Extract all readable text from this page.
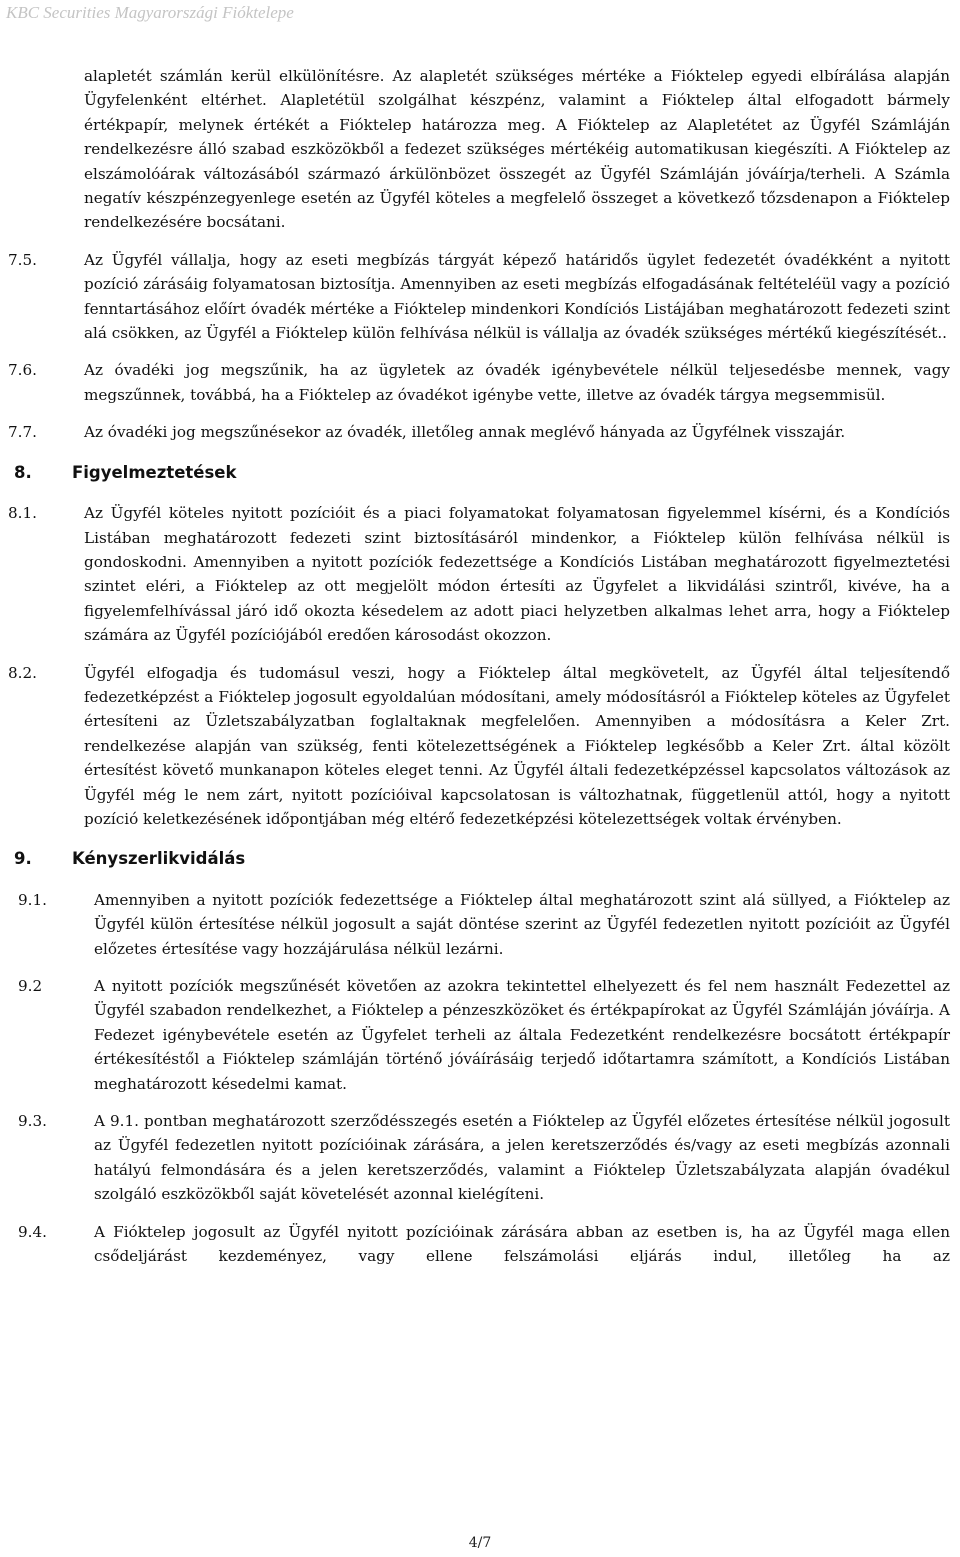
KBC Securities Magyarországi Fióktelepe

alapletét számlán kerül elkülönítésre. Az alapletét szükséges mértéke a Fióktelep egyedi elbírálása alapján Ügyfelenként eltérhet. Alapletétül szolgálhat készpénz, valamint a Fióktelep által elfogadott bármely értékpapír, melynek értékét a Fióktelep határozza meg. A Fióktelep az Alapletétet az Ügyfél Számláján rendelkezésre álló szabad eszközökből a fedezet szükséges mértékéig automatikusan kiegészíti. A Fióktelep az elszámolóárak változásából származó árkülönbözet összegét az Ügyfél Számláján jóváírja/terheli. A Számla negatív készpénzegyenlege esetén az Ügyfél köteles a megfelelő összeget a következő tőzsdenapon a Fióktelep rendelkezésére bocsátani.

7.5.	Az Ügyfél vállalja, hogy az eseti megbízás tárgyát képező határidős ügylet fedezetét óvadékként a nyitott pozíció zárásáig folyamatosan biztosítja. Amennyiben az eseti megbízás elfogadásának feltételéül vagy a pozíció fenntartásához előírt óvadék mértéke a Fióktelep mindenkori Kondíciós Listájában meghatározott fedezeti szint alá csökken, az Ügyfél a Fióktelep külön felhívása nélkül is vállalja az óvadék szükséges mértékű kiegészítését..

7.6.	Az óvadéki jog megszűnik, ha az ügyletek az óvadék igénybevétele nélkül teljesedésbe mennek, vagy megszűnnek, továbbá, ha a Fióktelep az óvadékot igénybe vette, illetve az óvadék tárgya megsemmisül.

7.7.	Az óvadéki jog megszűnésekor az óvadék, illetőleg annak meglévő hányada az Ügyfélnek visszajár.

8. Figyelmeztetések
8.1.	Az Ügyfél köteles nyitott pozícióit és a piaci folyamatokat folyamatosan figyelemmel kísérni, és a Kondíciós Listában meghatározott fedezeti szint biztosításáról mindenkor, a Fióktelep külön felhívása nélkül is gondoskodni. Amennyiben a nyitott pozíciók fedezettsége a Kondíciós Listában meghatározott figyelmeztetési szintet eléri, a Fióktelep az ott megjelölt módon értesíti az Ügyfelet a likvidálási szintről, kivéve, ha a figyelemfelhívással járó idő okozta késedelem az adott piaci helyzetben alkalmas lehet arra, hogy a Fióktelep számára az Ügyfél pozíciójából eredően károsodást okozzon.

8.2.	Ügyfél elfogadja és tudomásul veszi, hogy a Fióktelep által megkövetelt, az Ügyfél által teljesítendő fedezetképzést a Fióktelep jogosult egyoldalúan módosítani, amely módosításról a Fióktelep köteles az Ügyfelet értesíteni az Üzletszabályzatban foglaltaknak megfelelően. Amennyiben a módosításra a Keler Zrt. rendelkezése alapján van szükség, fenti kötelezettségének a Fióktelep legkésőbb a Keler Zrt. által közölt értesítést követő munkanapon köteles eleget tenni. Az Ügyfél általi fedezetképzéssel kapcsolatos változások az Ügyfél még le nem zárt, nyitott pozícióival kapcsolatosan is változhatnak, függetlenül attól, hogy a nyitott pozíció keletkezésének időpontjában még eltérő fedezetképzési kötelezettségek voltak érvényben.

9. Kényszerlikvidálás
9.1.	Amennyiben a nyitott pozíciók fedezettsége a Fióktelep által meghatározott szint alá süllyed, a Fióktelep az Ügyfél külön értesítése nélkül jogosult a saját döntése szerint az Ügyfél fedezetlen nyitott pozícióit az Ügyfél előzetes értesítése vagy hozzájárulása nélkül lezárni.

9.2	A nyitott pozíciók megszűnését követően az azokra tekintettel elhelyezett és fel nem használt Fedezettel az Ügyfél szabadon rendelkezhet, a Fióktelep a pénzeszközöket és értékpapírokat az Ügyfél Számláján jóváírja. A Fedezet igénybevétele esetén az Ügyfelet terheli az általa Fedezetként rendelkezésre bocsátott értékpapír értékesítéstől a Fióktelep számláján történő jóváírásáig terjedő időtartamra számított, a Kondíciós Listában meghatározott késedelmi kamat.

9.3.	A 9.1. pontban meghatározott szerződésszegés esetén a Fióktelep az Ügyfél előzetes értesítése nélkül jogosult az Ügyfél fedezetlen nyitott pozícióinak zárására, a jelen keretszerződés és/vagy az eseti megbízás azonnali hatályú felmondására és a jelen keretszerződés, valamint a Fióktelep Üzletszabályzata alapján óvadékul szolgáló eszközökből saját követelését azonnal kielégíteni.

9.4.	A Fióktelep jogosult az Ügyfél nyitott pozícióinak zárására abban az esetben is, ha az Ügyfél maga ellen csődeljárást kezdeményez, vagy ellene felszámolási eljárás indul, illetőleg ha az

4/7
